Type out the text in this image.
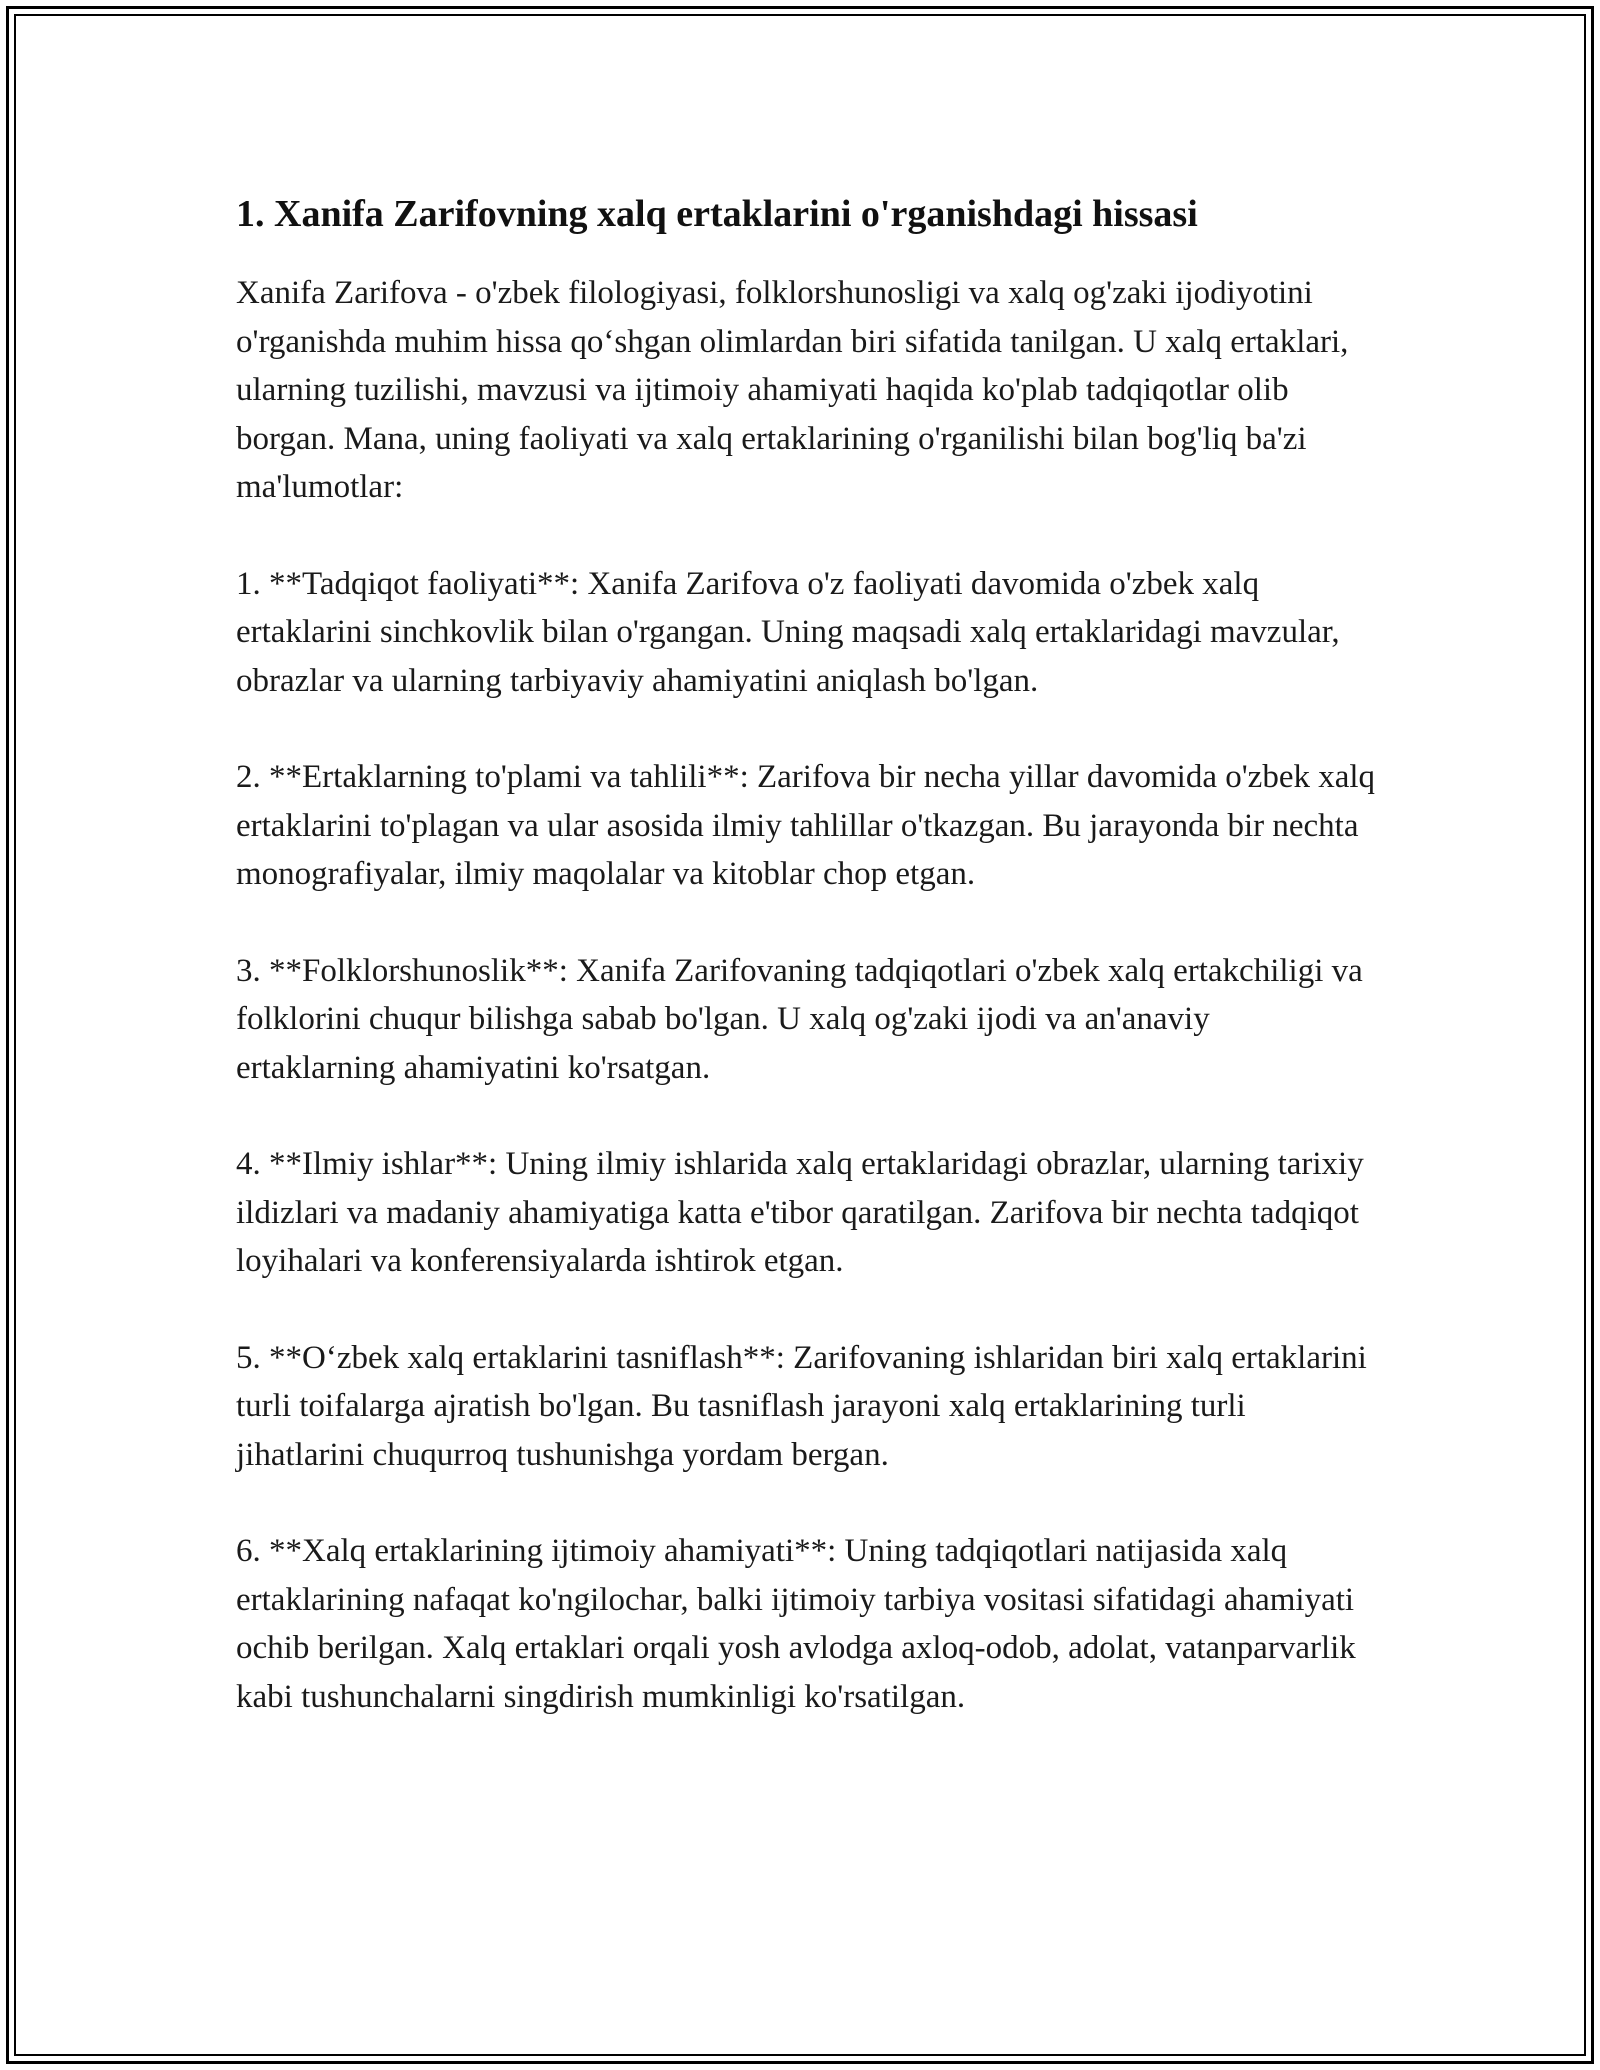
1. Xanifa Zarifovning xalq ertaklarini o'rganishdagi hissasi

Xanifa Zarifova - o'zbek filologiyasi, folklorshunosligi va xalq og'zaki ijodiyotini o'rganishda muhim hissa qo‘shgan olimlardan biri sifatida tanilgan. U xalq ertaklari, ularning tuzilishi, mavzusi va ijtimoiy ahamiyati haqida ko'plab tadqiqotlar olib borgan. Mana, uning faoliyati va xalq ertaklarining o'rganilishi bilan bog'liq ba'zi ma'lumotlar:

1. **Tadqiqot faoliyati**: Xanifa Zarifova o'z faoliyati davomida o'zbek xalq ertaklarini sinchkovlik bilan o'rgangan. Uning maqsadi xalq ertaklaridagi mavzular, obrazlar va ularning tarbiyaviy ahamiyatini aniqlash bo'lgan.

2. **Ertaklarning to'plami va tahlili**: Zarifova bir necha yillar davomida o'zbek xalq ertaklarini to'plagan va ular asosida ilmiy tahlillar o'tkazgan. Bu jarayonda bir nechta monografiyalar, ilmiy maqolalar va kitoblar chop etgan.

3. **Folklorshunoslik**: Xanifa Zarifovaning tadqiqotlari o'zbek xalq ertakchiligi va folklorini chuqur bilishga sabab bo'lgan. U xalq og'zaki ijodi va an'anaviy ertaklarning ahamiyatini ko'rsatgan.

4. **Ilmiy ishlar**: Uning ilmiy ishlarida xalq ertaklaridagi obrazlar, ularning tarixiy ildizlari va madaniy ahamiyatiga katta e'tibor qaratilgan. Zarifova bir nechta tadqiqot loyihalari va konferensiyalarda ishtirok etgan.

5. **O‘zbek xalq ertaklarini tasniflash**: Zarifovaning ishlaridan biri xalq ertaklarini turli toifalarga ajratish bo'lgan. Bu tasniflash jarayoni xalq ertaklarining turli jihatlarini chuqurroq tushunishga yordam bergan.

6. **Xalq ertaklarining ijtimoiy ahamiyati**: Uning tadqiqotlari natijasida xalq ertaklarining nafaqat ko'ngilochar, balki ijtimoiy tarbiya vositasi sifatidagi ahamiyati ochib berilgan. Xalq ertaklari orqali yosh avlodga axloq-odob, adolat, vatanparvarlik kabi tushunchalarni singdirish mumkinligi ko'rsatilgan.
